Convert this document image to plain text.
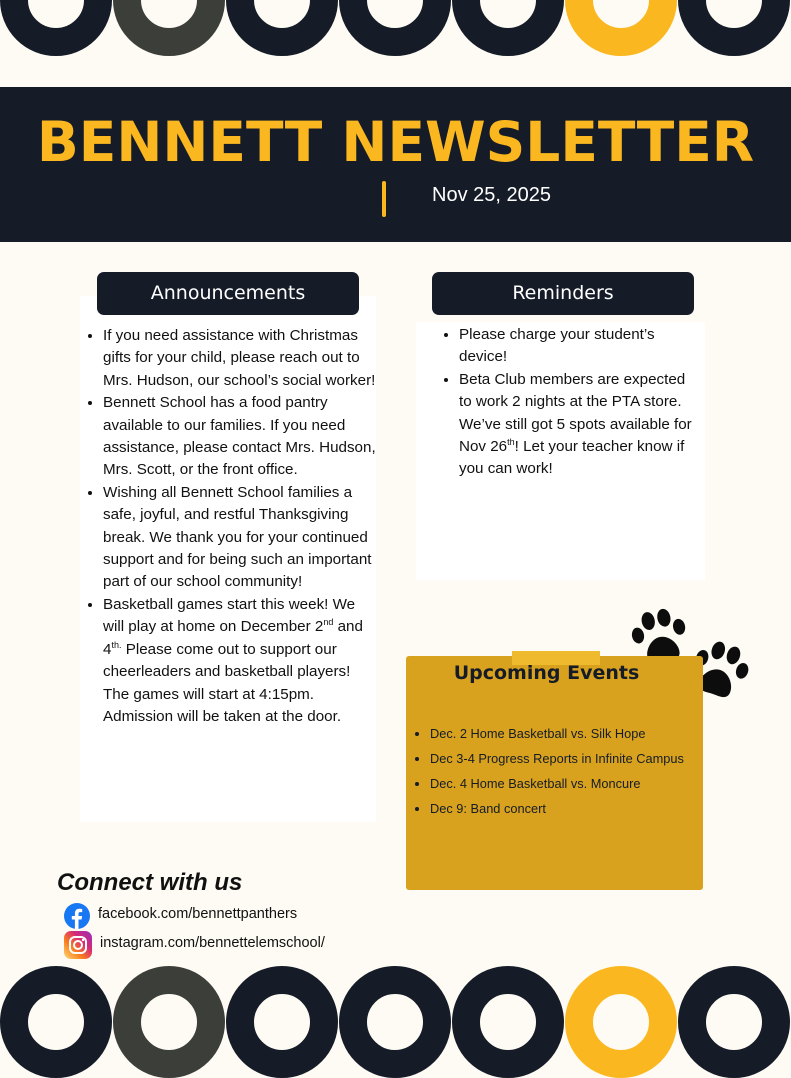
BENNETT NEWSLETTER
Nov 25, 2025
Announcements
• If you need assistance with Christmas gifts for your child, please reach out to Mrs. Hudson, our school’s social worker!
• Bennett School has a food pantry available to our families. If you need assistance, please contact Mrs. Hudson, Mrs. Scott, or the front office.
• Wishing all Bennett School families a safe, joyful, and restful Thanksgiving break. We thank you for your continued support and for being such an important part of our school community!
• Basketball games start this week! We will play at home on December 2nd and $4^{th.}$ Please come out to support our cheerleaders and basketball players! The games will start at 4:15pm. Admission will be taken at the door.
Reminders
• Please charge your student’s device!
• Beta Club members are expected to work 2 nights at the PTA store. We’ve still got 5 spots available for Nov 26th! Let your teacher know if you can work!
Upcoming Events
• Dec. 2 Home Basketball vs. Silk Hope
• Dec 3-4 Progress Reports in Infinite Campus
• Dec. 4 Home Basketball vs. Moncure
• Dec 9: Band concert
Connect with us
facebook.com/bennettpanthers
instagram.com/bennettelemschool/
